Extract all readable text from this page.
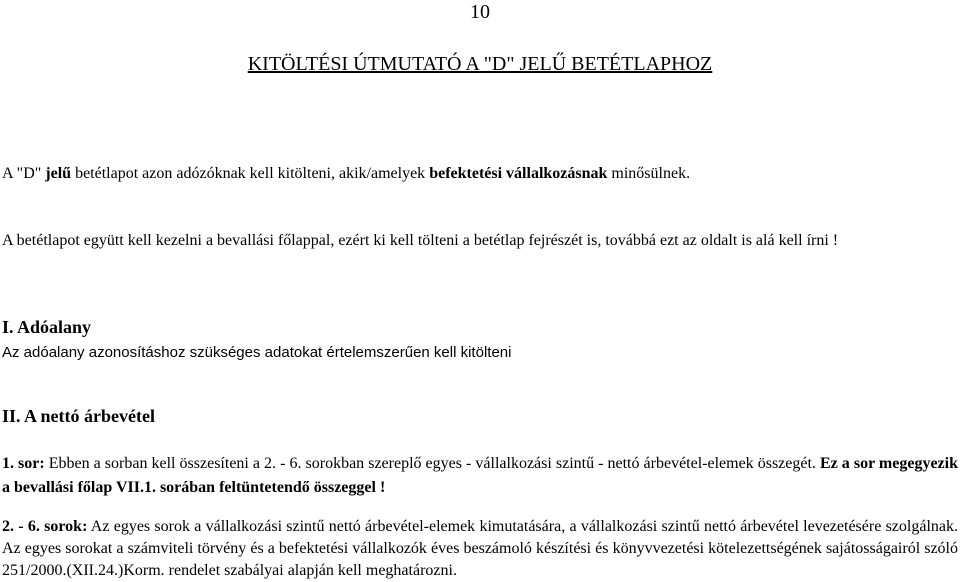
10
KITÖLTÉSI ÚTMUTATÓ A "D" JELŰ BETÉTLAPHOZ
A "D" jelű betétlapot azon adózóknak kell kitölteni, akik/amelyek befektetési vállalkozásnak minősülnek.
A betétlapot együtt kell kezelni a bevallási főlappal, ezért ki kell tölteni a betétlap fejrészét is, továbbá ezt az oldalt is alá kell írni !
I. Adóalany
Az adóalany azonosításhoz szükséges adatokat értelemszerűen kell kitölteni
II. A nettó árbevétel
1. sor: Ebben a sorban kell összesíteni a 2. - 6. sorokban szereplő egyes - vállalkozási szintű - nettó árbevétel-elemek összegét. Ez a sor megegyezik a bevallási főlap VII.1. sorában feltüntetendő összeggel !
2. - 6. sorok: Az egyes sorok a vállalkozási szintű nettó árbevétel-elemek kimutatására, a vállalkozási szintű nettó árbevétel levezetésére szolgálnak. Az egyes sorokat a számviteli törvény és a befektetési vállalkozók éves beszámoló készítési és könyvvezetési kötelezettségének sajátosságairól szóló 251/2000.(XII.24.)Korm. rendelet szabályai alapján kell meghatározni.
